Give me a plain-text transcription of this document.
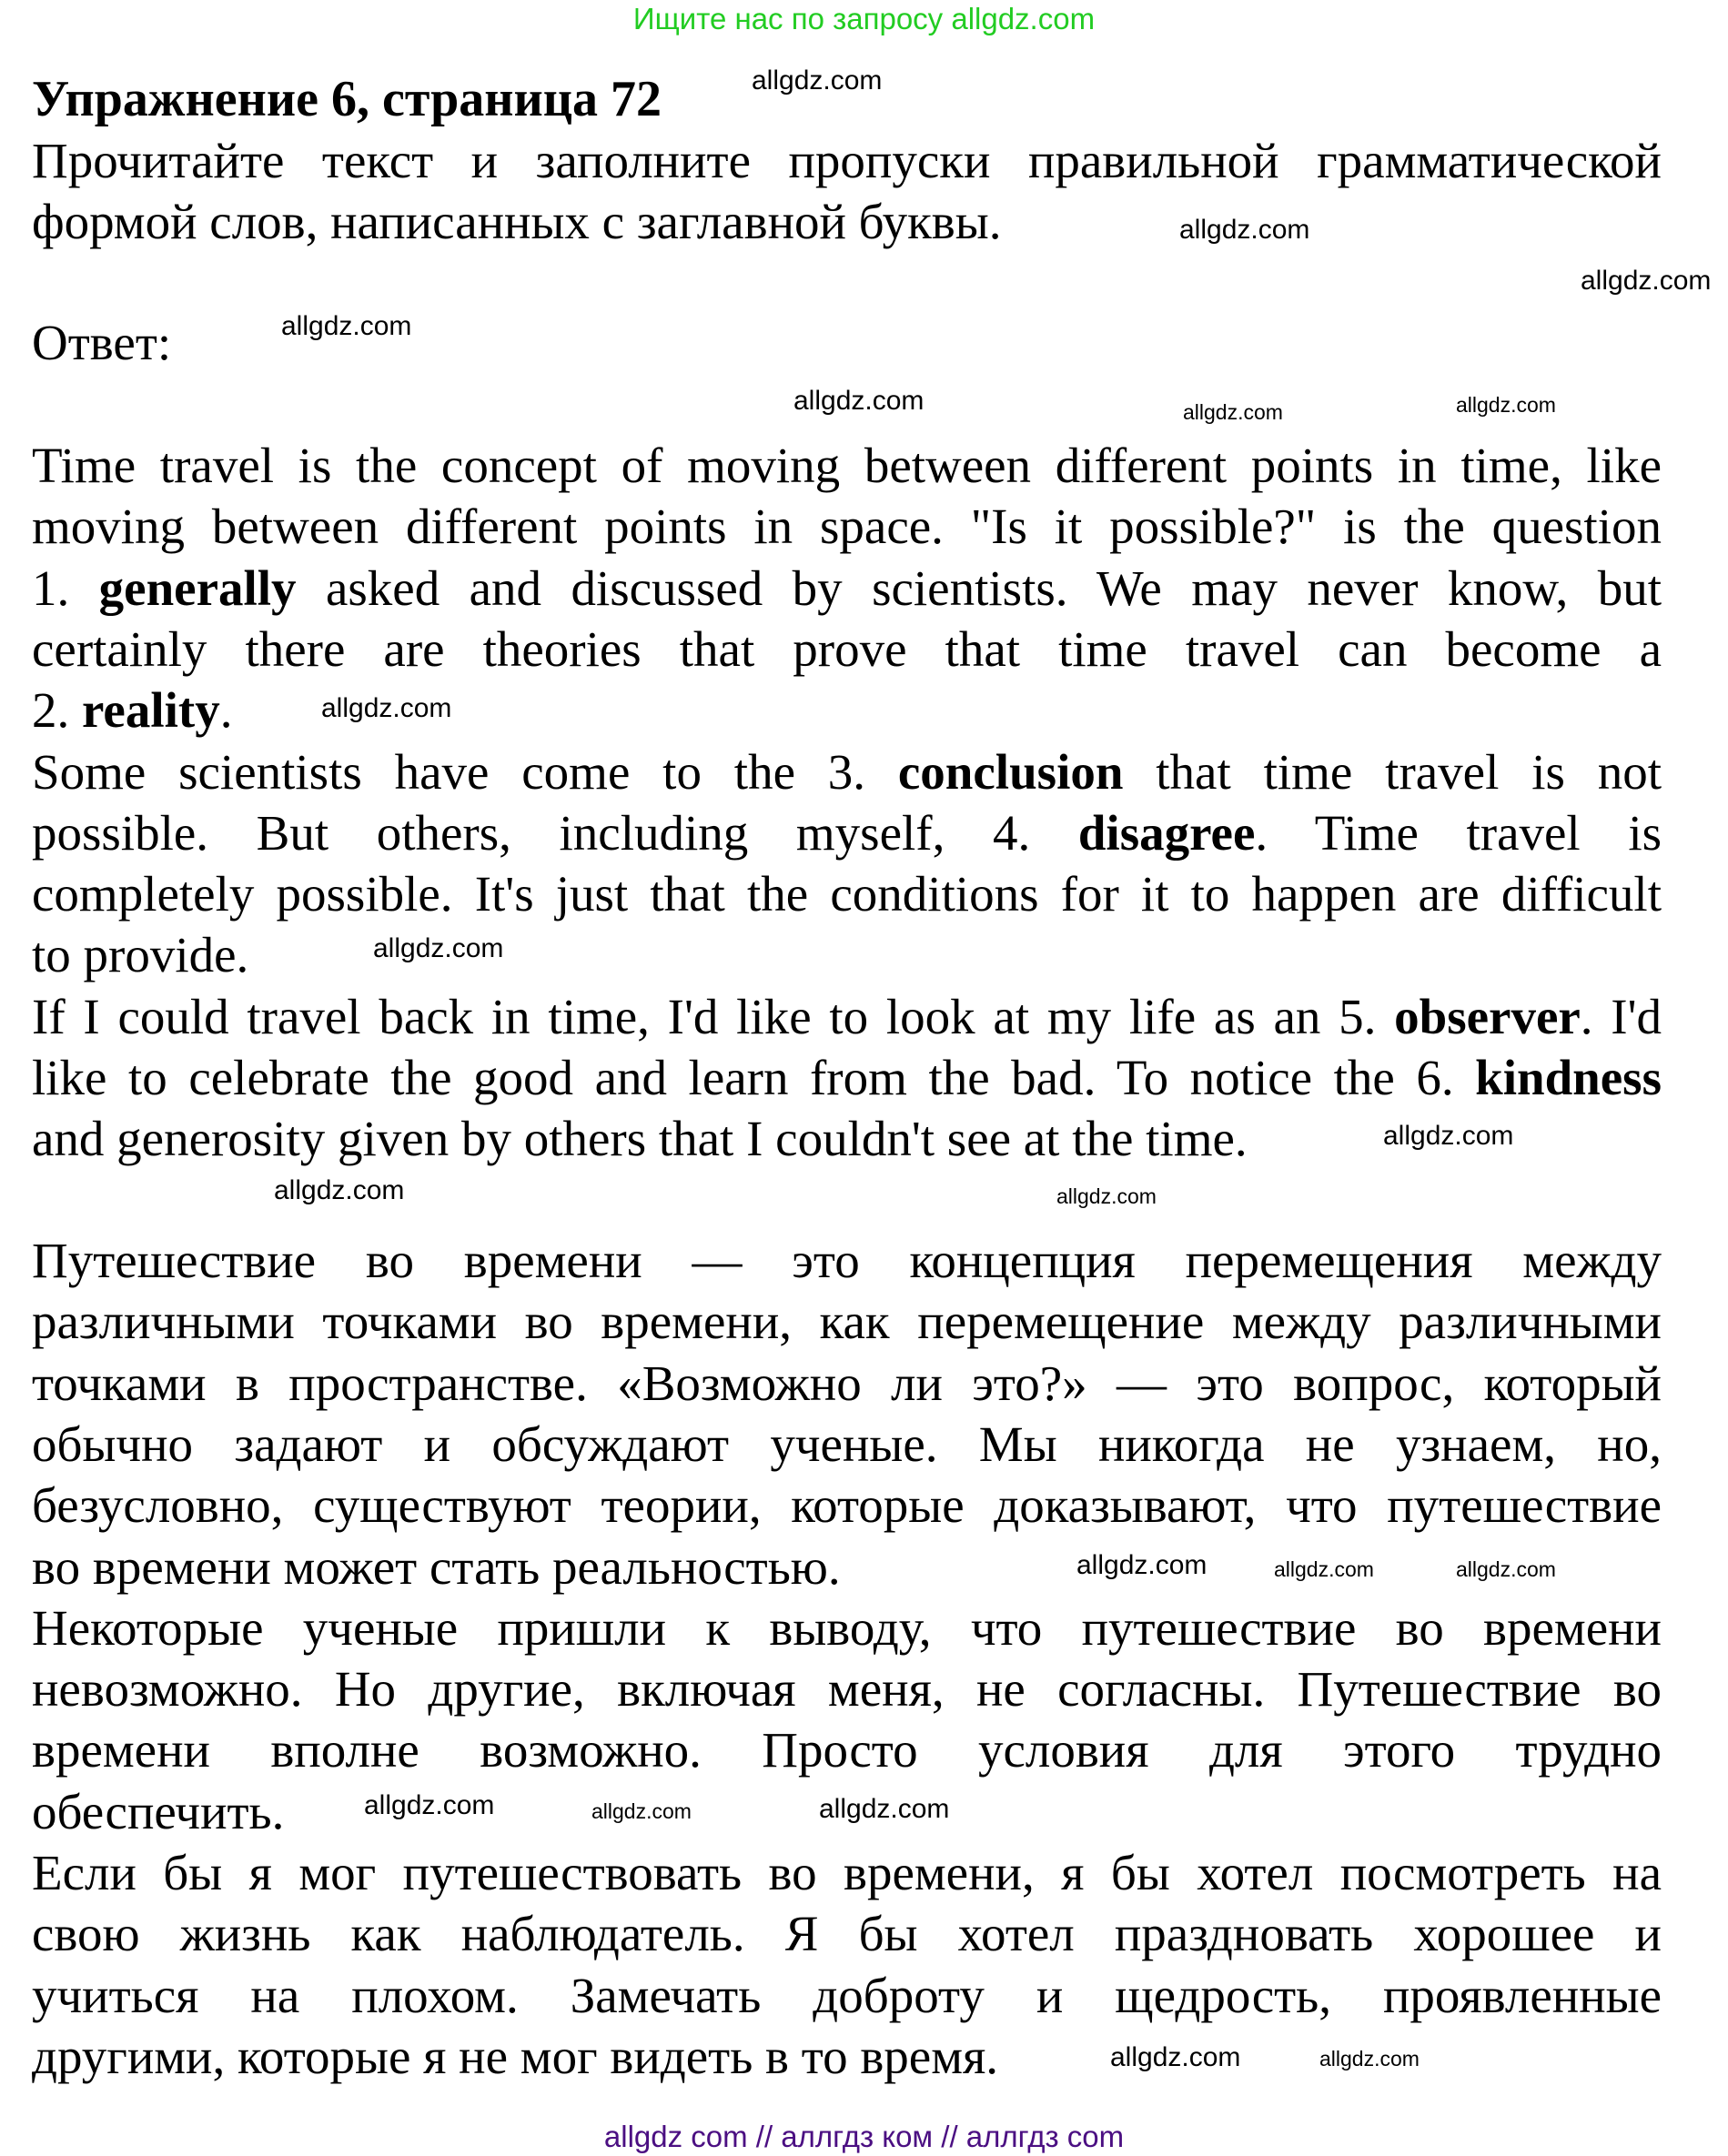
Ищите нас по запросу allgdz.com
Упражнение 6, страница 72
Прочитайте текст и заполните пропуски правильной грамматической
формой слов, написанных с заглавной буквы.
Ответ:
Time travel is the concept of moving between different points in time, like
moving between different points in space. "Is it possible?" is the question
1. generally asked and discussed by scientists. We may never know, but
certainly there are theories that prove that time travel can become a
2. reality.
Some scientists have come to the 3. conclusion that time travel is not
possible. But others, including myself, 4. disagree. Time travel is
completely possible. It's just that the conditions for it to happen are difficult
to provide.
If I could travel back in time, I'd like to look at my life as an 5. observer. I'd
like to celebrate the good and learn from the bad. To notice the 6. kindness
and generosity given by others that I couldn't see at the time.
Путешествие во времени — это концепция перемещения между
различными точками во времени, как перемещение между различными
точками в пространстве. «Возможно ли это?» — это вопрос, который
обычно задают и обсуждают ученые. Мы никогда не узнаем, но,
безусловно, существуют теории, которые доказывают, что путешествие
во времени может стать реальностью.
Некоторые ученые пришли к выводу, что путешествие во времени
невозможно. Но другие, включая меня, не согласны. Путешествие во
времени вполне возможно. Просто условия для этого трудно
обеспечить.
Если бы я мог путешествовать во времени, я бы хотел посмотреть на
свою жизнь как наблюдатель. Я бы хотел праздновать хорошее и
учиться на плохом. Замечать доброту и щедрость, проявленные
другими, которые я не мог видеть в то время.
allgdz.com
allgdz.com
allgdz.com
allgdz.com
allgdz.com	allgdz.com
allgdz.com
allgdz.com
allgdz.com
allgdz.com
allgdz.com	allgdz.com
allgdz.com
allgdz.com
allgdz.com	allgdz.com
allgdz.com	allgdz.com
allgdz.com
allgdz.com
allgdz com // аллгдз ком // аллгдз com
